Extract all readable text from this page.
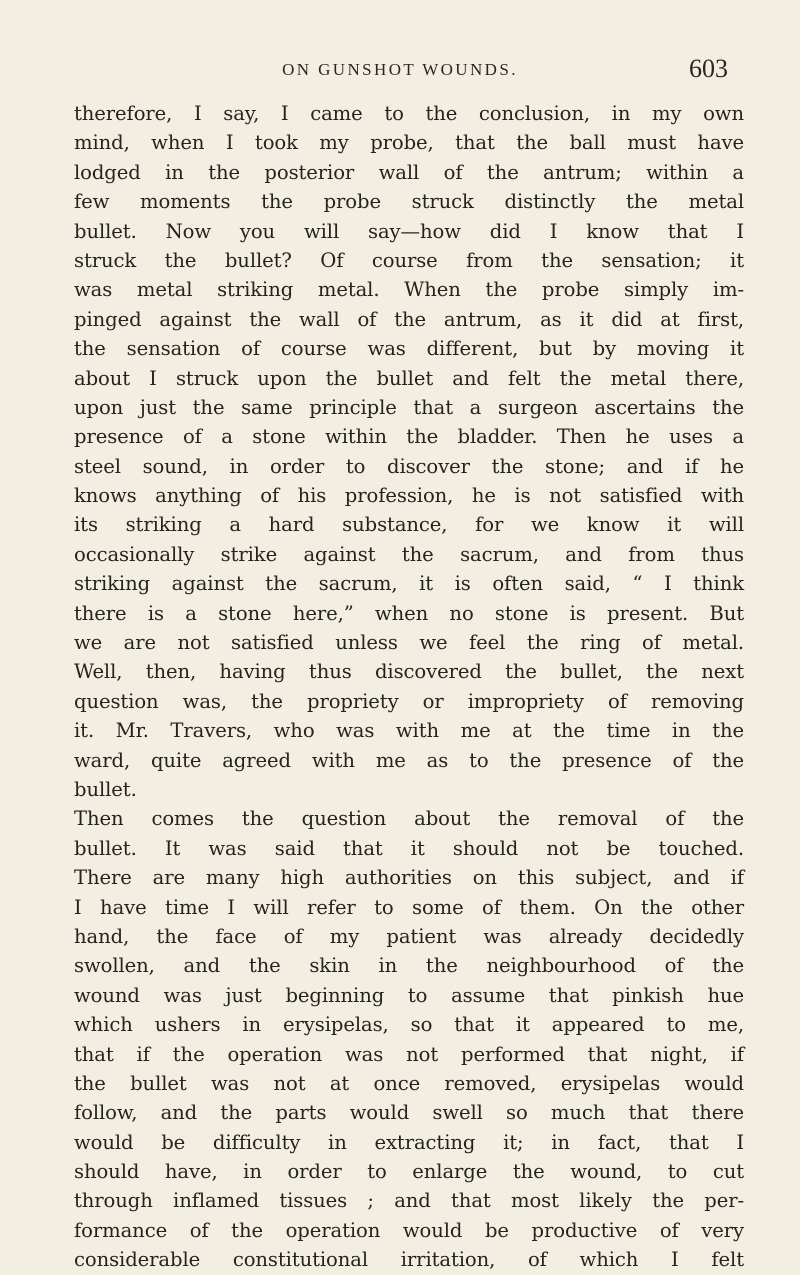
ON GUNSHOT WOUNDS.	603
therefore, I say, I came to the conclusion, in my own
mind, when I took my probe, that the ball must have
lodged in the posterior wall of the antrum; within a
few moments the probe struck distinctly the metal
bullet. Now you will say—how did I know that I
struck the bullet? Of course from the sensation; it
was metal striking metal. When the probe simply im-
pinged against the wall of the antrum, as it did at first,
the sensation of course was different, but by moving it
about I struck upon the bullet and felt the metal there,
upon just the same principle that a surgeon ascertains the
presence of a stone within the bladder. Then he uses a
steel sound, in order to discover the stone; and if he
knows anything of his profession, he is not satisfied with
its striking a hard substance, for we know it will
occasionally strike against the sacrum, and from thus
striking against the sacrum, it is often said, “ I think
there is a stone here,” when no stone is present. But
we are not satisfied unless we feel the ring of metal.
Well, then, having thus discovered the bullet, the next
question was, the propriety or impropriety of removing
it. Mr. Travers, who was with me at the time in the
ward, quite agreed with me as to the presence of the
bullet.
Then comes the question about the removal of the
bullet. It was said that it should not be touched.
There are many high authorities on this subject, and if
I have time I will refer to some of them. On the other
hand, the face of my patient was already decidedly
swollen, and the skin in the neighbourhood of the
wound was just beginning to assume that pinkish hue
which ushers in erysipelas, so that it appeared to me,
that if the operation was not performed that night, if
the bullet was not at once removed, erysipelas would
follow, and the parts would swell so much that there
would be difficulty in extracting it; in fact, that I
should have, in order to enlarge the wound, to cut
through inflamed tissues ; and that most likely the per-
formance of the operation would be productive of very
considerable constitutional irritation, of which I felt
